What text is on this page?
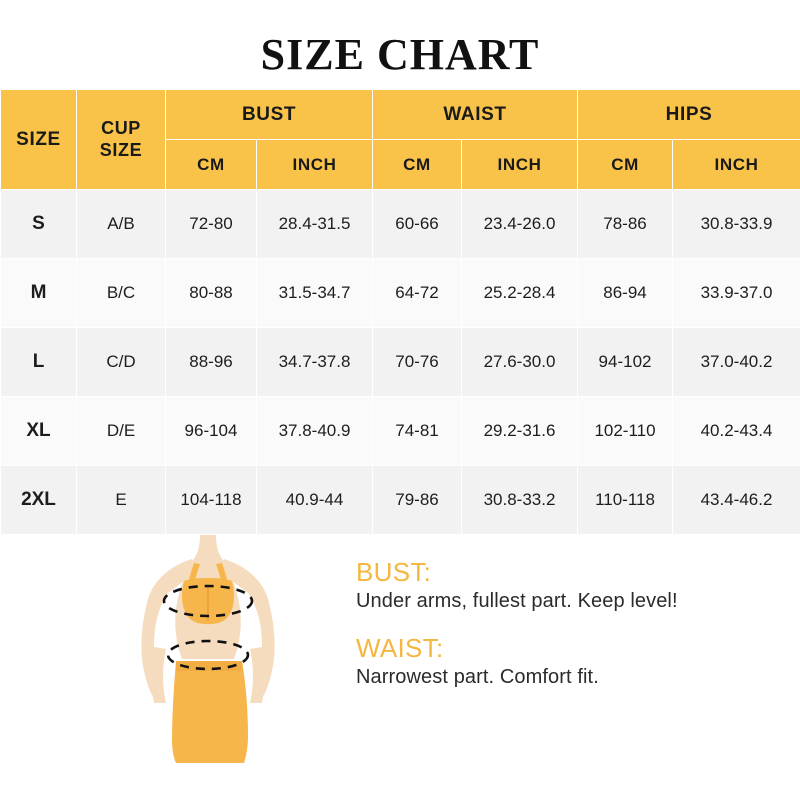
SIZE CHART
SIZE	CUP SIZE	BUST		WAIST		HIPS	
		CM	INCH	CM	INCH	CM	INCH
S	A/B	72-80	28.4-31.5	60-66	23.4-26.0	78-86	30.8-33.9
M	B/C	80-88	31.5-34.7	64-72	25.2-28.4	86-94	33.9-37.0
L	C/D	88-96	34.7-37.8	70-76	27.6-30.0	94-102	37.0-40.2
XL	D/E	96-104	37.8-40.9	74-81	29.2-31.6	102-110	40.2-43.4
2XL	E	104-118	40.9-44	79-86	30.8-33.2	110-118	43.4-46.2
BUST:
Under arms, fullest part. Keep level!
WAIST:
Narrowest part. Comfort fit.
